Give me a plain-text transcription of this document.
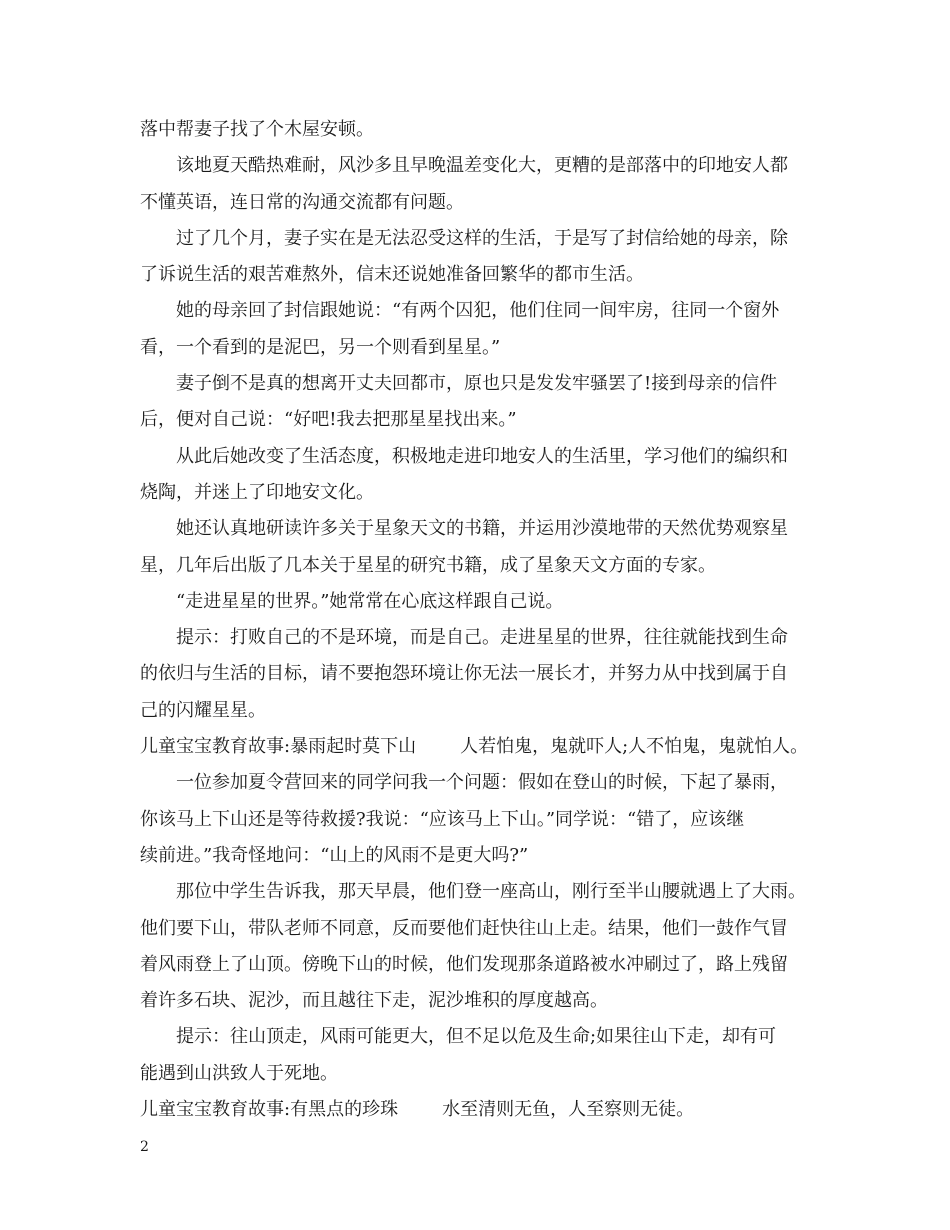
落中帮妻子找了个木屋安顿。
该地夏天酷热难耐，风沙多且早晚温差变化大，更糟的是部落中的印地安人都
不懂英语，连日常的沟通交流都有问题。
过了几个月，妻子实在是无法忍受这样的生活，于是写了封信给她的母亲，除
了诉说生活的艰苦难熬外，信末还说她准备回繁华的都市生活。
她的母亲回了封信跟她说：“有两个囚犯，他们住同一间牢房，往同一个窗外
看，一个看到的是泥巴，另一个则看到星星。”
妻子倒不是真的想离开丈夫回都市，原也只是发发牢骚罢了!接到母亲的信件
后，便对自己说：“好吧!我去把那星星找出来。”
从此后她改变了生活态度，积极地走进印地安人的生活里，学习他们的编织和
烧陶，并迷上了印地安文化。
她还认真地研读许多关于星象天文的书籍，并运用沙漠地带的天然优势观察星
星，几年后出版了几本关于星星的研究书籍，成了星象天文方面的专家。
“走进星星的世界。”她常常在心底这样跟自己说。
提示：打败自己的不是环境，而是自己。走进星星的世界，往往就能找到生命
的依归与生活的目标，请不要抱怨环境让你无法一展长才，并努力从中找到属于自
己的闪耀星星。
儿童宝宝教育故事:暴雨起时莫下山 人若怕鬼，鬼就吓人;人不怕鬼，鬼就怕人。
一位参加夏令营回来的同学问我一个问题：假如在登山的时候，下起了暴雨，
你该马上下山还是等待救援?我说：“应该马上下山。”同学说：“错了，应该继
续前进。”我奇怪地问：“山上的风雨不是更大吗?”
那位中学生告诉我，那天早晨，他们登一座高山，刚行至半山腰就遇上了大雨。
他们要下山，带队老师不同意，反而要他们赶快往山上走。结果，他们一鼓作气冒
着风雨登上了山顶。傍晚下山的时候，他们发现那条道路被水冲刷过了，路上残留
着许多石块、泥沙，而且越往下走，泥沙堆积的厚度越高。
提示：往山顶走，风雨可能更大，但不足以危及生命;如果往山下走，却有可
能遇到山洪致人于死地。
儿童宝宝教育故事:有黑点的珍珠 水至清则无鱼，人至察则无徒。
2
